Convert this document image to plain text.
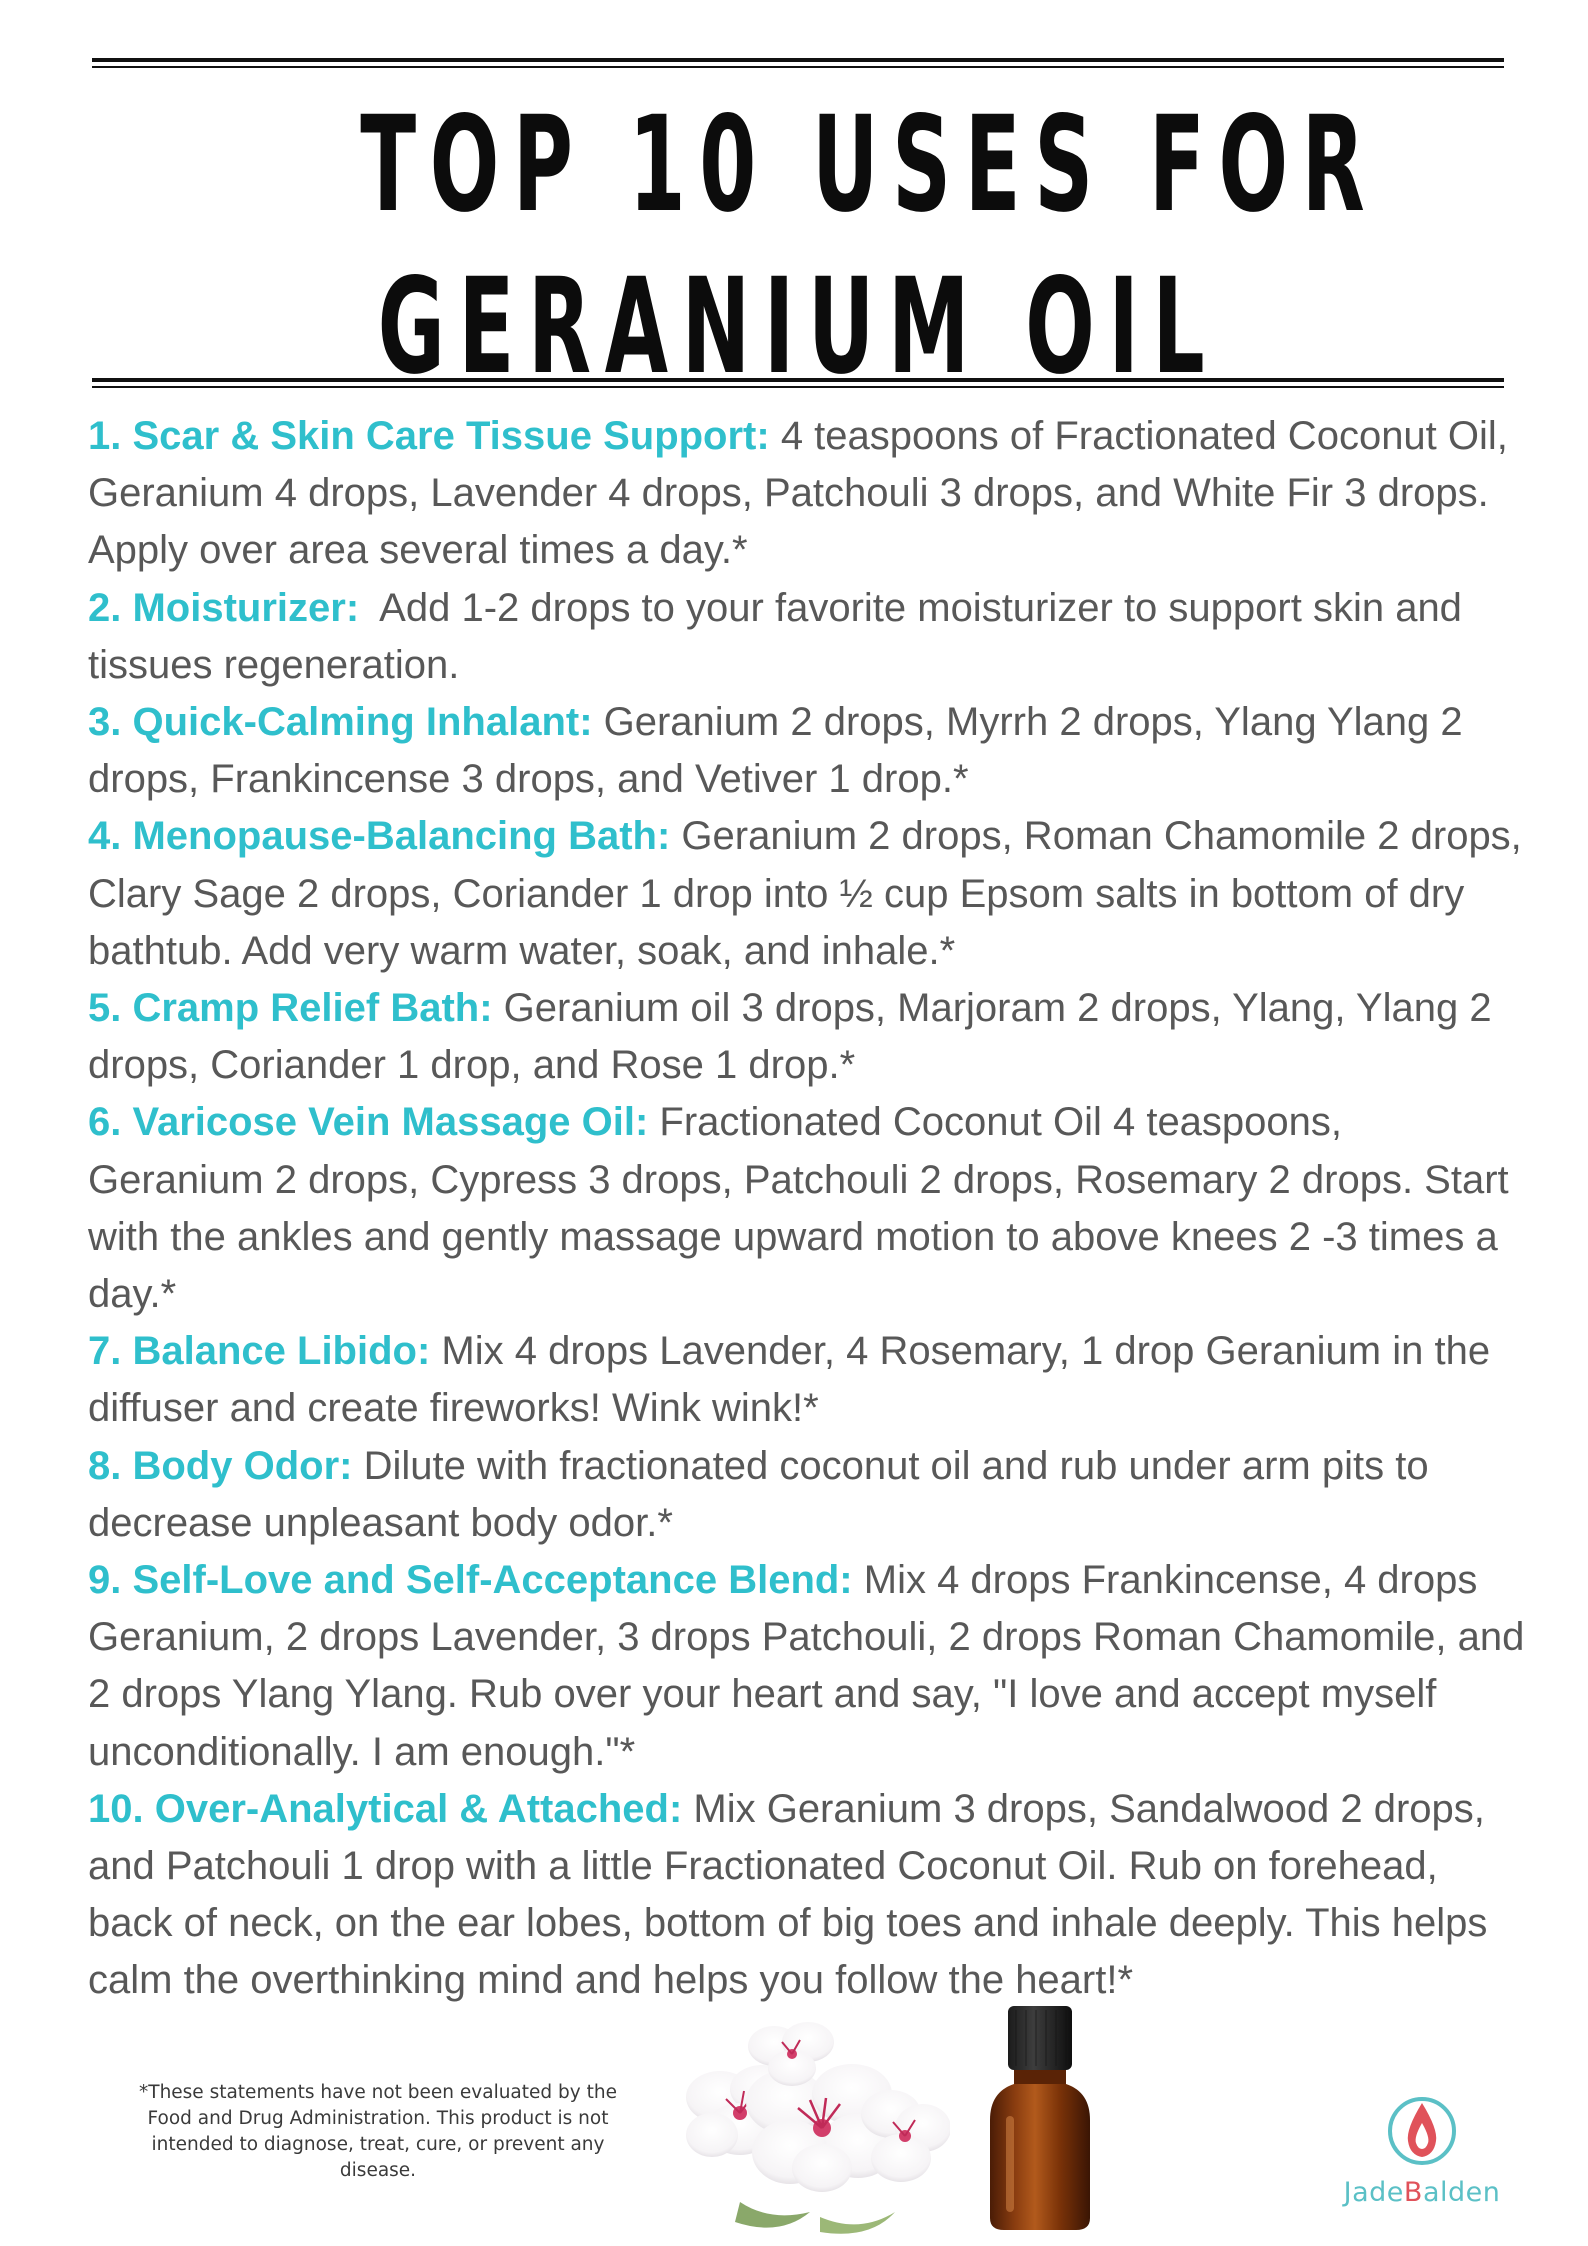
TOP 10 USES FOR
GERANIUM OIL

1. Scar & Skin Care Tissue Support: 4 teaspoons of Fractionated Coconut Oil, Geranium 4 drops, Lavender 4 drops, Patchouli 3 drops, and White Fir 3 drops. Apply over area several times a day.*

2. Moisturizer:  Add 1-2 drops to your favorite moisturizer to support skin and tissues regeneration.

3. Quick-Calming Inhalant: Geranium 2 drops, Myrrh 2 drops, Ylang Ylang 2 drops, Frankincense 3 drops, and Vetiver 1 drop.*

4. Menopause-Balancing Bath: Geranium 2 drops, Roman Chamomile 2 drops, Clary Sage 2 drops, Coriander 1 drop into ½ cup Epsom salts in bottom of dry bathtub. Add very warm water, soak, and inhale.*

5. Cramp Relief Bath: Geranium oil 3 drops, Marjoram 2 drops, Ylang, Ylang 2 drops, Coriander 1 drop, and Rose 1 drop.*

6. Varicose Vein Massage Oil: Fractionated Coconut Oil 4 teaspoons, Geranium 2 drops, Cypress 3 drops, Patchouli 2 drops, Rosemary 2 drops. Start with the ankles and gently massage upward motion to above knees 2 -3 times a day.*

7. Balance Libido: Mix 4 drops Lavender, 4 Rosemary, 1 drop Geranium in the diffuser and create fireworks! Wink wink!*

8. Body Odor: Dilute with fractionated coconut oil and rub under arm pits to decrease unpleasant body odor.*

9. Self-Love and Self-Acceptance Blend: Mix 4 drops Frankincense, 4 drops Geranium, 2 drops Lavender, 3 drops Patchouli, 2 drops Roman Chamomile, and 2 drops Ylang Ylang. Rub over your heart and say, "I love and accept myself unconditionally. I am enough."*

10. Over-Analytical & Attached: Mix Geranium 3 drops, Sandalwood 2 drops, and Patchouli 1 drop with a little Fractionated Coconut Oil. Rub on forehead, back of neck, on the ear lobes, bottom of big toes and inhale deeply. This helps calm the overthinking mind and helps you follow the heart!*

*These statements have not been evaluated by the Food and Drug Administration. This product is not intended to diagnose, treat, cure, or prevent any disease.
JadeBalden
